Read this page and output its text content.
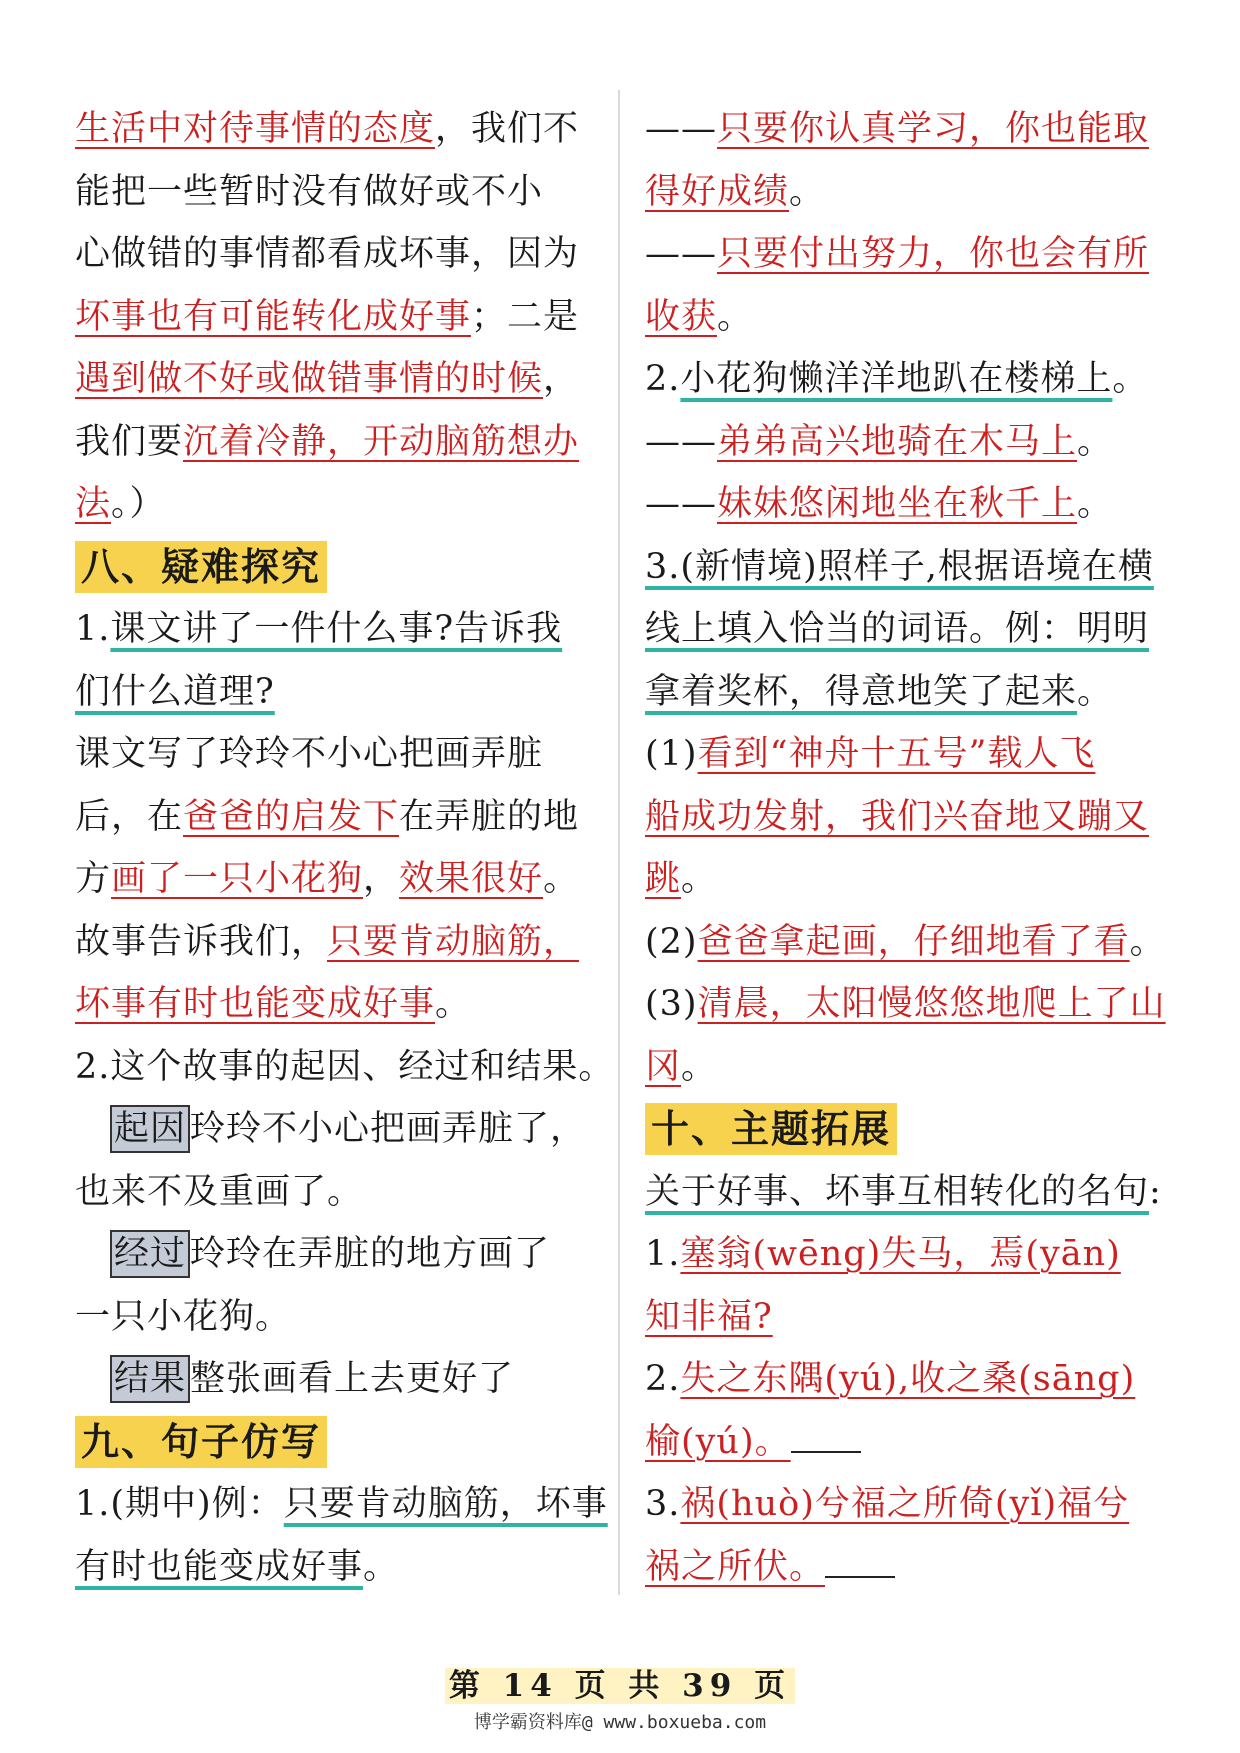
生活中对待事情的态度，我们不
能把一些暂时没有做好或不小
心做错的事情都看成坏事，因为
坏事也有可能转化成好事；二是
遇到做不好或做错事情的时候，
我们要沉着冷静，开动脑筋想办
法。）
八、疑难探究
1.课文讲了一件什么事?告诉我
们什么道理?
课文写了玲玲不小心把画弄脏
后，在爸爸的启发下在弄脏的地
方画了一只小花狗，效果很好。
故事告诉我们，只要肯动脑筋，
坏事有时也能变成好事。
2.这个故事的起因、经过和结果。
起因 玲玲不小心把画弄脏了，
也来不及重画了。
经过 玲玲在弄脏的地方画了
一只小花狗。
结果 整张画看上去更好了
九、句子仿写
1.(期中)例：只要肯动脑筋，坏事
有时也能变成好事。
——只要你认真学习，你也能取
得好成绩。
——只要付出努力，你也会有所
收获。
2.小花狗懒洋洋地趴在楼梯上。
——弟弟高兴地骑在木马上。
——妹妹悠闲地坐在秋千上。
3.(新情境)照样子,根据语境在横
线上填入恰当的词语。例：明明
拿着奖杯，得意地笑了起来。
(1)看到“神舟十五号”载人飞
船成功发射，我们兴奋地又蹦又
跳。
(2)爸爸拿起画，仔细地看了看。
(3)清晨，太阳慢悠悠地爬上了山
冈。
十、主题拓展
关于好事、坏事互相转化的名句:
1.塞翁(wēng)失马，焉(yān)
知非福?
2.失之东隅(yú),收之桑(sāng)
榆(yú)。
3.祸(huò)兮福之所倚(yǐ)福兮
祸之所伏。
第 14 页 共 39 页
博学霸资料库@ www.boxueba.com
